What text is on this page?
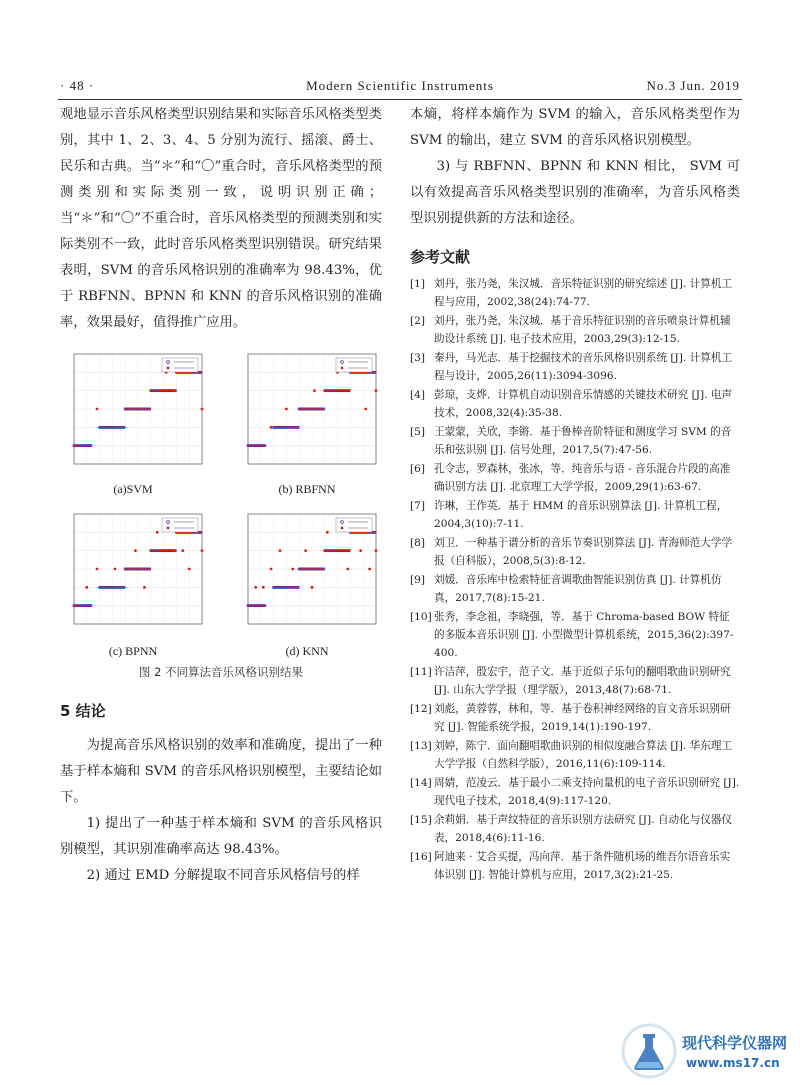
· 48 ·	Modern Scientific Instruments	No.3 Jun. 2019

观地显示音乐风格类型识别结果和实际音乐风格类型类别，其中 1、2、3、4、5 分别为流行、摇滚、爵士、民乐和古典。当“＊”和“〇”重合时，音乐风格类型的预测类别和实际类别一致，说明识别正确；当“＊”和“〇”不重合时，音乐风格类型的预测类别和实际类别不一致，此时音乐风格类型识别错误。研究结果表明，SVM 的音乐风格识别的准确率为 98.43%，优于 RBFNN、BPNN 和 KNN 的音乐风格识别的准确率，效果最好，值得推广应用。

(a)SVM	(b) RBFNN
(c) BPNN	(d) KNN
图 2 不同算法音乐风格识别结果

5 结论

为提高音乐风格识别的效率和准确度，提出了一种基于样本熵和 SVM 的音乐风格识别模型，主要结论如下。

1) 提出了一种基于样本熵和 SVM 的音乐风格识别模型，其识别准确率高达 98.43%。

2) 通过 EMD 分解提取不同音乐风格信号的样

本熵，将样本熵作为 SVM 的输入，音乐风格类型作为 SVM 的输出，建立 SVM 的音乐风格识别模型。

3) 与 RBFNN、BPNN 和 KNN 相比， SVM 可以有效提高音乐风格类型识别的准确率，为音乐风格类型识别提供新的方法和途径。

参考文献

[1] 刘丹，张乃尧，朱汉城．音乐特征识别的研究综述 [J]. 计算机工程与应用，2002,38(24):74-77.
[2] 刘丹，张乃尧，朱汉城．基于音乐特征识别的音乐喷泉计算机辅助设计系统 [J]. 电子技术应用，2003,29(3):12-15.
[3] 秦丹，马光志．基于挖掘技术的音乐风格识别系统 [J]. 计算机工程与设计，2005,26(11):3094-3096.
[4] 彭琼，支烨．计算机自动识别音乐情感的关键技术研究 [J]. 电声技术，2008,32(4):35-38.
[5] 王蒙蒙，关欣，李锵．基于鲁棒音阶特征和测度学习 SVM 的音乐和弦识别 [J]. 信号处理，2017,5(7):47-56.
[6] 孔令志，罗森林，张冰，等．纯音乐与语 - 音乐混合片段的高准确识别方法 [J]. 北京理工大学学报，2009,29(1):63-67.
[7] 许琳，王作英．基于 HMM 的音乐识别算法 [J]. 计算机工程，2004,3(10):7-11.
[8] 刘卫．一种基于谱分析的音乐节奏识别算法 [J]. 青海师范大学学报（自科版），2008,5(3):8-12.
[9] 刘媛．音乐库中检索特征音调歌曲智能识别仿真 [J]. 计算机仿真，2017,7(8):15-21.
[10] 张秀，李念祖，李晓强，等．基于 Chroma-based BOW 特征的多版本音乐识别 [J]. 小型微型计算机系统，2015,36(2):397-400.
[11] 许洁萍，殷宏宇，范子文．基于近似子乐句的翻唱歌曲识别研究 [J]. 山东大学学报（理学版），2013,48(7):68-71.
[12] 刘彪，黄蓉蓉，林和，等．基于卷积神经网络的盲文音乐识别研究 [J]. 智能系统学报，2019,14(1):190-197.
[13] 刘婷，陈宁．面向翻唱歌曲识别的相似度融合算法 [J]. 华东理工大学学报（自然科学版），2016,11(6):109-114.
[14] 周婧，范凌云．基于最小二乘支持向量机的电子音乐识别研究 [J]. 现代电子技术，2018,4(9):117-120.
[15] 余莉娟．基于声纹特征的音乐识别方法研究 [J]. 自动化与仪器仪表，2018,4(6):11-16.
[16] 阿迪来 · 艾合买提，冯向萍．基于条件随机场的维吾尔语音乐实体识别 [J]. 智能计算机与应用，2017,3(2):21-25.
现代科学仪器网
www.ms17.cn
